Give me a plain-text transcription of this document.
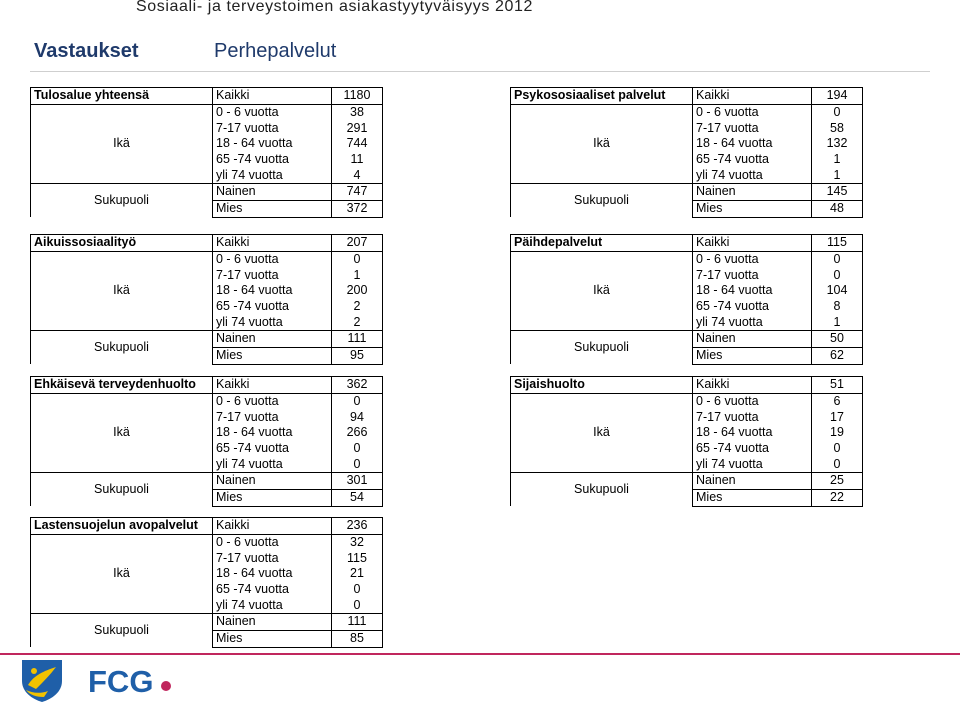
Sosiaali- ja terveystoimen asiakastyytyväisyys 2012
Vastaukset	Perhepalvelut
Tulosalue yhteensä	Kaikki	1180
Ikä	0 - 6 vuotta	38
	7-17 vuotta	291
	18 - 64 vuotta	744
	65 -74 vuotta	11
	yli 74 vuotta	4
Sukupuoli	Nainen	747
	Mies	372
Psykososiaaliset palvelut	Kaikki	194
Ikä	0 - 6 vuotta	0
	7-17 vuotta	58
	18 - 64 vuotta	132
	65 -74 vuotta	1
	yli 74 vuotta	1
Sukupuoli	Nainen	145
	Mies	48
Aikuissosiaalityö	Kaikki	207
Ikä	0 - 6 vuotta	0
	7-17 vuotta	1
	18 - 64 vuotta	200
	65 -74 vuotta	2
	yli 74 vuotta	2
Sukupuoli	Nainen	111
	Mies	95
Päihdepalvelut	Kaikki	115
Ikä	0 - 6 vuotta	0
	7-17 vuotta	0
	18 - 64 vuotta	104
	65 -74 vuotta	8
	yli 74 vuotta	1
Sukupuoli	Nainen	50
	Mies	62
Ehkäisevä terveydenhuolto	Kaikki	362
Ikä	0 - 6 vuotta	0
	7-17 vuotta	94
	18 - 64 vuotta	266
	65 -74 vuotta	0
	yli 74 vuotta	0
Sukupuoli	Nainen	301
	Mies	54
Sijaishuolto	Kaikki	51
Ikä	0 - 6 vuotta	6
	7-17 vuotta	17
	18 - 64 vuotta	19
	65 -74 vuotta	0
	yli 74 vuotta	0
Sukupuoli	Nainen	25
	Mies	22
Lastensuojelun avopalvelut	Kaikki	236
Ikä	0 - 6 vuotta	32
	7-17 vuotta	115
	18 - 64 vuotta	21
	65 -74 vuotta	0
	yli 74 vuotta	0
Sukupuoli	Nainen	111
	Mies	85
FCG
